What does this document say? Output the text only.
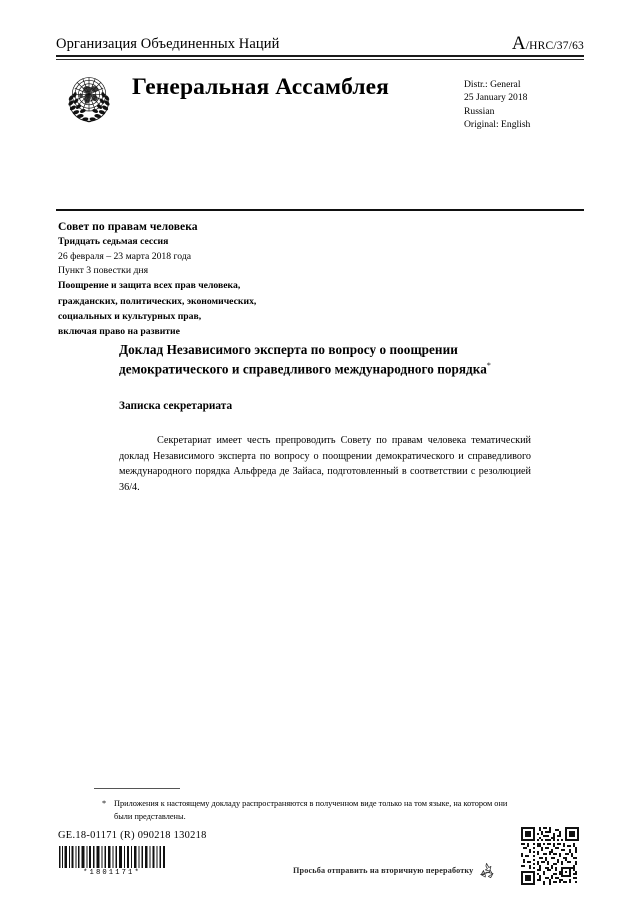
Организация Объединенных Наций	A/HRC/37/63
Генеральная Ассамблея	Distr.: General
25 January 2018
Russian
Original: English
Совет по правам человека
Тридцать седьмая сессия
26 февраля – 23 марта 2018 года
Пункт 3 повестки дня
Поощрение и защита всех прав человека,
гражданских, политических, экономических,
социальных и культурных прав,
включая право на развитие
Доклад Независимого эксперта по вопросу о поощрении демократического и справедливого международного порядка*
Записка секретариата
Секретариат имеет честь препроводить Совету по правам человека тематический доклад Независимого эксперта по вопросу о поощрении демократического и справедливого международного порядка Альфреда де Зайаса, подготовленный в соответствии с резолюцией 36/4.
* Приложения к настоящему докладу распространяются в полученном виде только на том языке, на котором они были представлены.
GE.18-01171 (R) 090218 130218
*1801171*	Просьба отправить на вторичную переработку
